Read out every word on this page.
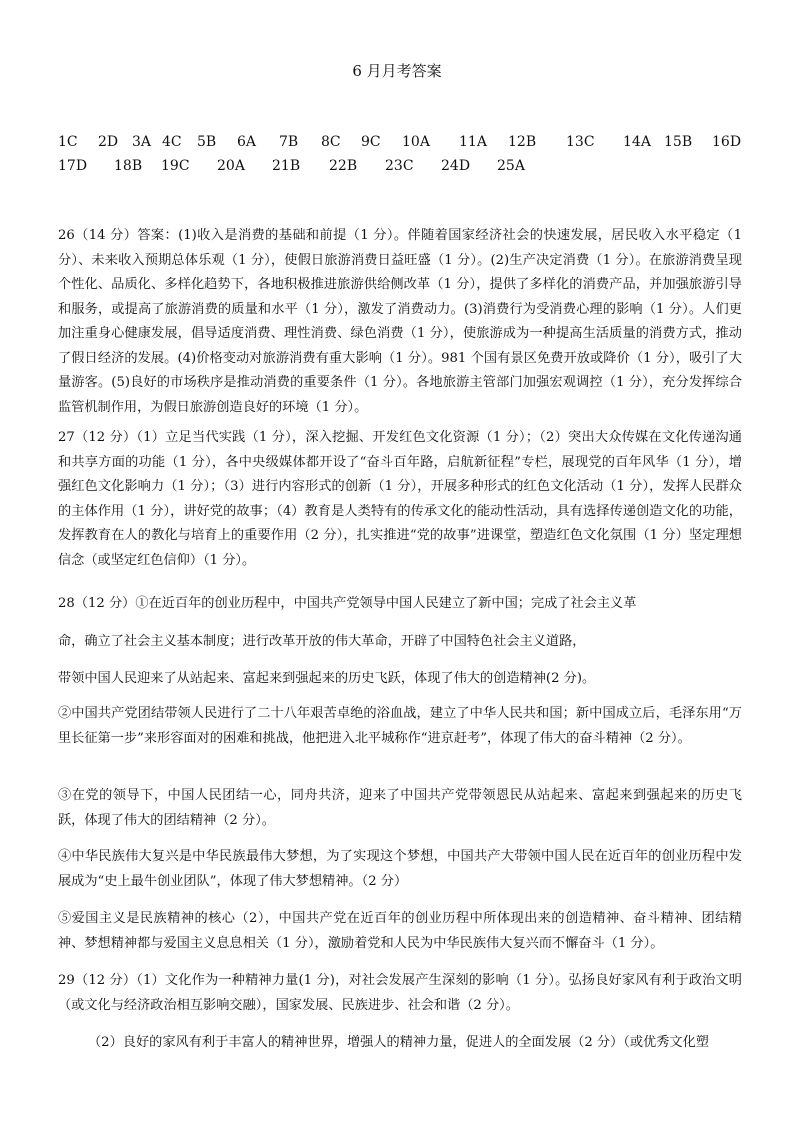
6 月月考答案
1C 2D 3A 4C 5B 6A 7B 8C 9C 10A 11A 12B 13C 14A 15B 16D
17D 18B 19C 20A 21B 22B 23C 24D 25A

26（14 分）答案：(1)收入是消费的基础和前提（1 分）。伴随着国家经济社会的快速发展，居民收入水平稳定（1 分）、未来收入预期总体乐观（1 分），使假日旅游消费日益旺盛（1 分）。(2)生产决定消费（1 分）。在旅游消费呈现个性化、品质化、多样化趋势下，各地积极推进旅游供给侧改革（1 分），提供了多样化的消费产品，并加强旅游引导和服务，或提高了旅游消费的质量和水平（1 分），激发了消费动力。(3)消费行为受消费心理的影响（1 分）。人们更加注重身心健康发展，倡导适度消费、理性消费、绿色消费（1 分），使旅游成为一种提高生活质量的消费方式，推动了假日经济的发展。(4)价格变动对旅游消费有重大影响（1 分）。981 个国有景区免费开放或降价（1 分），吸引了大量游客。(5)良好的市场秩序是推动消费的重要条件（1 分）。各地旅游主管部门加强宏观调控（1 分），充分发挥综合监管机制作用，为假日旅游创造良好的环境（1 分）。

27（12 分）（1）立足当代实践（1 分），深入挖掘、开发红色文化资源（1 分）；（2）突出大众传媒在文化传递沟通和共享方面的功能（1 分），各中央级媒体都开设了“奋斗百年路，启航新征程”专栏，展现党的百年风华（1 分），增强红色文化影响力（1 分）；（3）进行内容形式的创新（1 分），开展多种形式的红色文化活动（1 分），发挥人民群众的主体作用（1 分），讲好党的故事；（4）教育是人类特有的传承文化的能动性活动，具有选择传递创造文化的功能，发挥教育在人的教化与培育上的重要作用（2 分），扎实推进“党的故事”进课堂，塑造红色文化氛围（1 分）坚定理想信念（或坚定红色信仰）（1 分）。

28（12 分）①在近百年的创业历程中，中国共产党领导中国人民建立了新中国；完成了社会主义革

命，确立了社会主义基本制度；进行改革开放的伟大革命，开辟了中国特色社会主义道路，

带领中国人民迎来了从站起来、富起来到强起来的历史飞跃，体现了伟大的创造精神(2 分)。

②中国共产党团结带领人民进行了二十八年艰苦卓绝的浴血战，建立了中华人民共和国；新中国成立后，毛泽东用“万里长征第一步”来形容面对的困难和挑战，他把进入北平城称作“进京赶考”，体现了伟大的奋斗精神（2 分）。

③在党的领导下，中国人民团结一心，同舟共济，迎来了中国共产党带领恩民从站起来、富起来到强起来的历史飞跃，体现了伟大的团结精神（2 分）。

④中华民族伟大复兴是中华民族最伟大梦想，为了实现这个梦想，中国共产大带领中国人民在近百年的创业历程中发展成为“史上最牛创业团队”，体现了伟大梦想精神。（2 分）

⑤爱国主义是民族精神的核心（2），中国共产党在近百年的创业历程中所体现出来的创造精神、奋斗精神、团结精神、梦想精神都与爱国主义息息相关（1 分），激励着党和人民为中华民族伟大复兴而不懈奋斗（1 分）。

29（12 分）（1）文化作为一种精神力量(1 分)，对社会发展产生深刻的影响（1 分）。弘扬良好家风有利于政治文明（或文化与经济政治相互影响交融），国家发展、民族进步、社会和谐（2 分）。

（2）良好的家风有利于丰富人的精神世界，增强人的精神力量，促进人的全面发展（2 分）（或优秀文化塑
